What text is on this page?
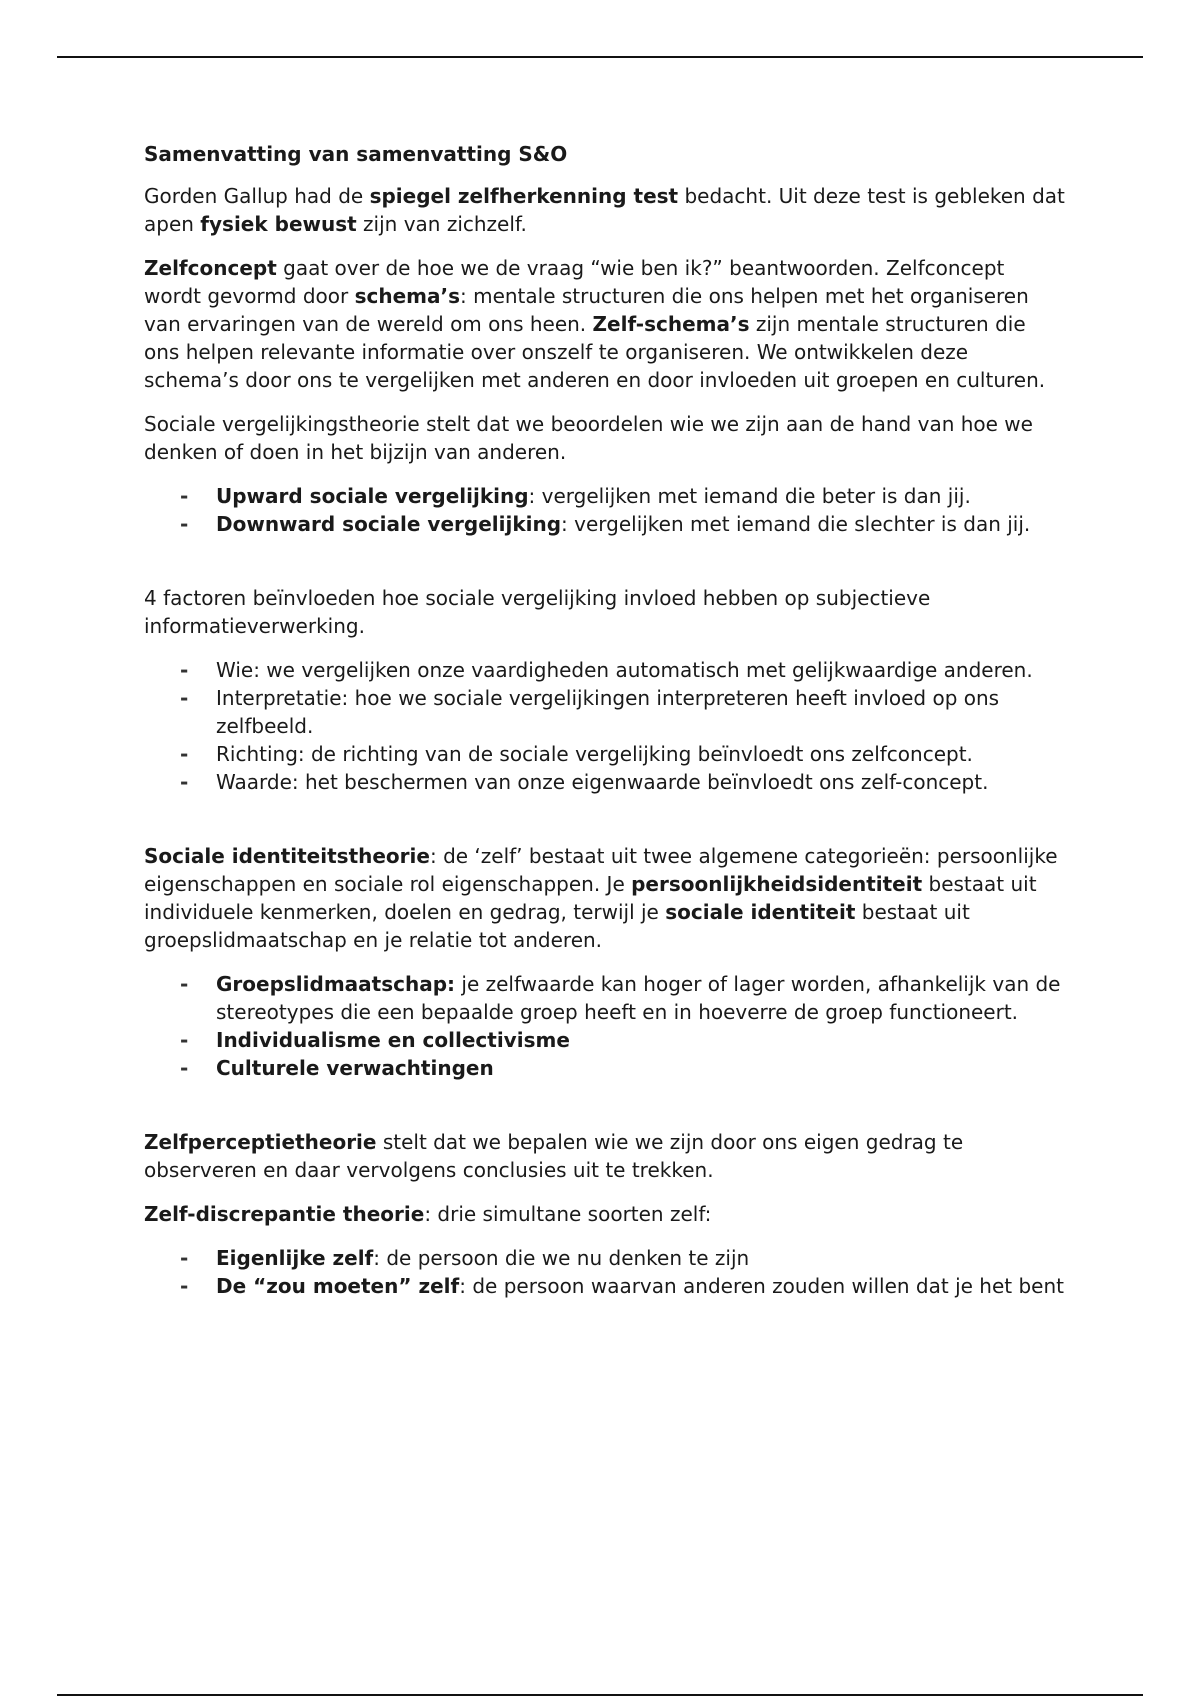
Samenvatting van samenvatting S&O

Gorden Gallup had de spiegel zelfherkenning test bedacht. Uit deze test is gebleken dat apen fysiek bewust zijn van zichzelf.

Zelfconcept gaat over de hoe we de vraag “wie ben ik?” beantwoorden. Zelfconcept wordt gevormd door schema’s: mentale structuren die ons helpen met het organiseren van ervaringen van de wereld om ons heen. Zelf-schema’s zijn mentale structuren die ons helpen relevante informatie over onszelf te organiseren. We ontwikkelen deze schema’s door ons te vergelijken met anderen en door invloeden uit groepen en culturen.

Sociale vergelijkingstheorie stelt dat we beoordelen wie we zijn aan de hand van hoe we denken of doen in het bijzijn van anderen.

- Upward sociale vergelijking: vergelijken met iemand die beter is dan jij.
- Downward sociale vergelijking: vergelijken met iemand die slechter is dan jij.

4 factoren beïnvloeden hoe sociale vergelijking invloed hebben op subjectieve informatieverwerking.

- Wie: we vergelijken onze vaardigheden automatisch met gelijkwaardige anderen.
- Interpretatie: hoe we sociale vergelijkingen interpreteren heeft invloed op ons zelfbeeld.
- Richting: de richting van de sociale vergelijking beïnvloedt ons zelfconcept.
- Waarde: het beschermen van onze eigenwaarde beïnvloedt ons zelf-concept.

Sociale identiteitstheorie: de ‘zelf’ bestaat uit twee algemene categorieën: persoonlijke eigenschappen en sociale rol eigenschappen. Je persoonlijkheidsidentiteit bestaat uit individuele kenmerken, doelen en gedrag, terwijl je sociale identiteit bestaat uit groepslidmaatschap en je relatie tot anderen.

- Groepslidmaatschap: je zelfwaarde kan hoger of lager worden, afhankelijk van de stereotypes die een bepaalde groep heeft en in hoeverre de groep functioneert.
- Individualisme en collectivisme
- Culturele verwachtingen

Zelfperceptietheorie stelt dat we bepalen wie we zijn door ons eigen gedrag te observeren en daar vervolgens conclusies uit te trekken.

Zelf-discrepantie theorie: drie simultane soorten zelf:

- Eigenlijke zelf: de persoon die we nu denken te zijn
- De “zou moeten” zelf: de persoon waarvan anderen zouden willen dat je het bent
